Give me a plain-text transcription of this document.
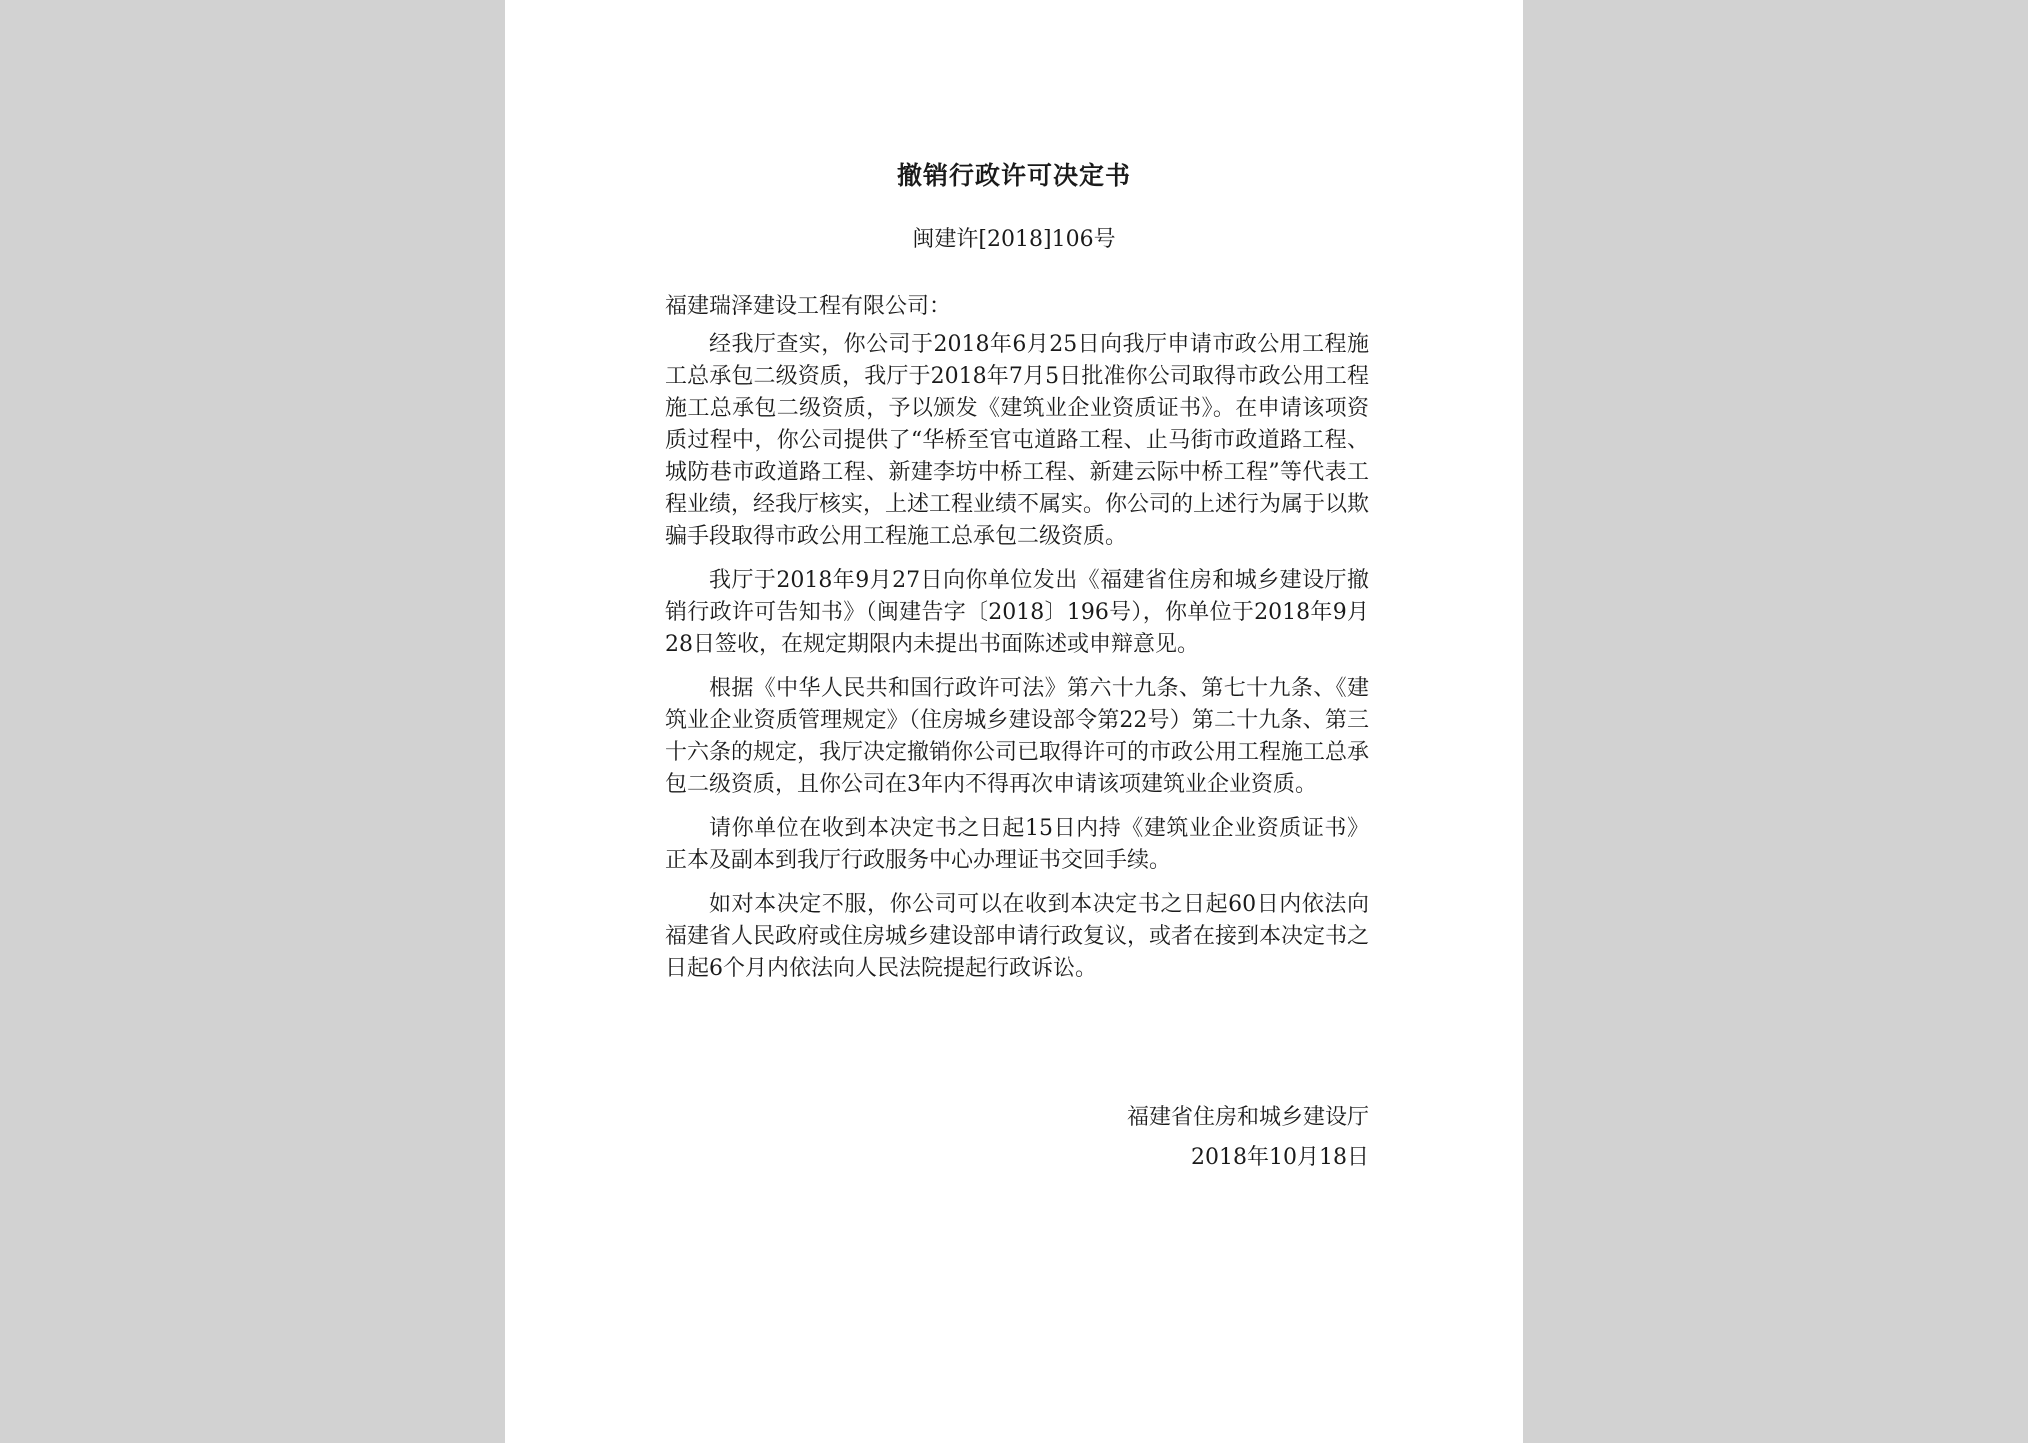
撤销行政许可决定书
闽建许[2018]106号

福建瑞泽建设工程有限公司：

经我厅查实，你公司于2018年6月25日向我厅申请市政公用工程施工总承包二级资质，我厅于2018年7月5日批准你公司取得市政公用工程施工总承包二级资质，予以颁发《建筑业企业资质证书》。在申请该项资质过程中，你公司提供了“华桥至官屯道路工程、止马街市政道路工程、城防巷市政道路工程、新建李坊中桥工程、新建云际中桥工程”等代表工程业绩，经我厅核实，上述工程业绩不属实。你公司的上述行为属于以欺骗手段取得市政公用工程施工总承包二级资质。

我厅于2018年9月27日向你单位发出《福建省住房和城乡建设厅撤销行政许可告知书》（闽建告字〔2018〕196号），你单位于2018年9月28日签收，在规定期限内未提出书面陈述或申辩意见。

根据《中华人民共和国行政许可法》第六十九条、第七十九条、《建筑业企业资质管理规定》（住房城乡建设部令第22号）第二十九条、第三十六条的规定，我厅决定撤销你公司已取得许可的市政公用工程施工总承包二级资质，且你公司在3年内不得再次申请该项建筑业企业资质。

请你单位在收到本决定书之日起15日内持《建筑业企业资质证书》正本及副本到我厅行政服务中心办理证书交回手续。

如对本决定不服，你公司可以在收到本决定书之日起60日内依法向福建省人民政府或住房城乡建设部申请行政复议，或者在接到本决定书之日起6个月内依法向人民法院提起行政诉讼。

福建省住房和城乡建设厅
2018年10月18日
